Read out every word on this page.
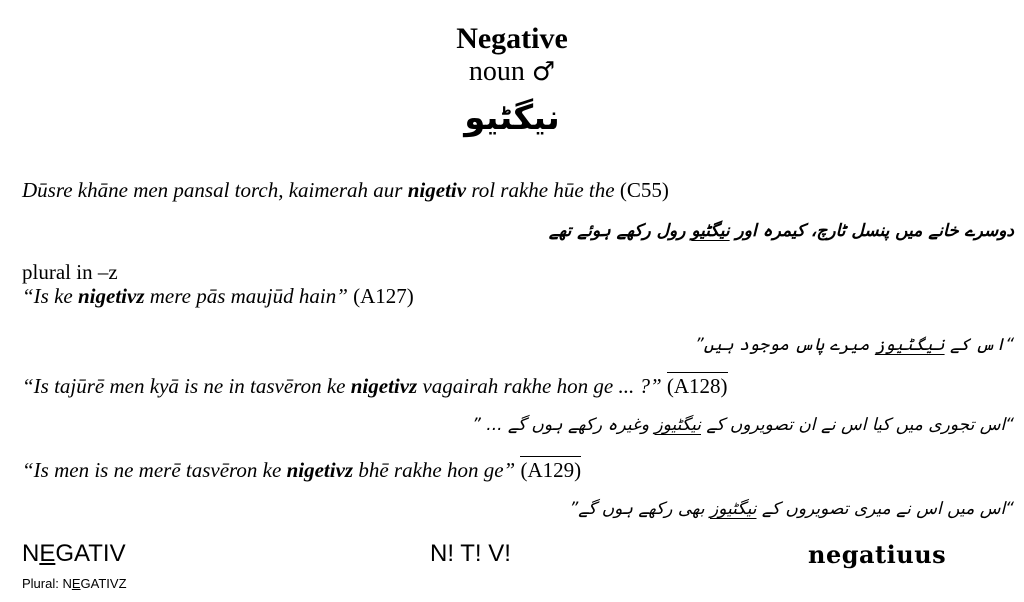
Negative
noun ♂
نیگٹیو
Dūsre khāne men pansal torch, kaimerah aur nigetiv rol rakhe hūe the (C55)
دوسرے خانے میں پنسل ٹارچ، کیمرہ اور نیگٹیو رول رکھے ہوئے تھے
plural in –z
“Is ke nigetivz mere pās maujūd hain” (A127)
“اس کے نیگٹیوز میرے پاس موجود ہیں”
“Is tajūrē men kyā is ne in tasvēron ke nigetivz vagairah rakhe hon ge ... ?” (A128)
“اس تجوری میں کیا اس نے ان تصویروں کے نیگٹیوز وغیرہ رکھے ہوں گے ... ”
“Is men is ne merē tasvēron ke nigetivz bhē rakhe hon ge” (A129)
“اس میں اس نے میری تصویروں کے نیگٹیوز بھی رکھے ہوں گے”
NEGATIV
Plural: NEGATIVZ
N! T! V!	negatiuus
